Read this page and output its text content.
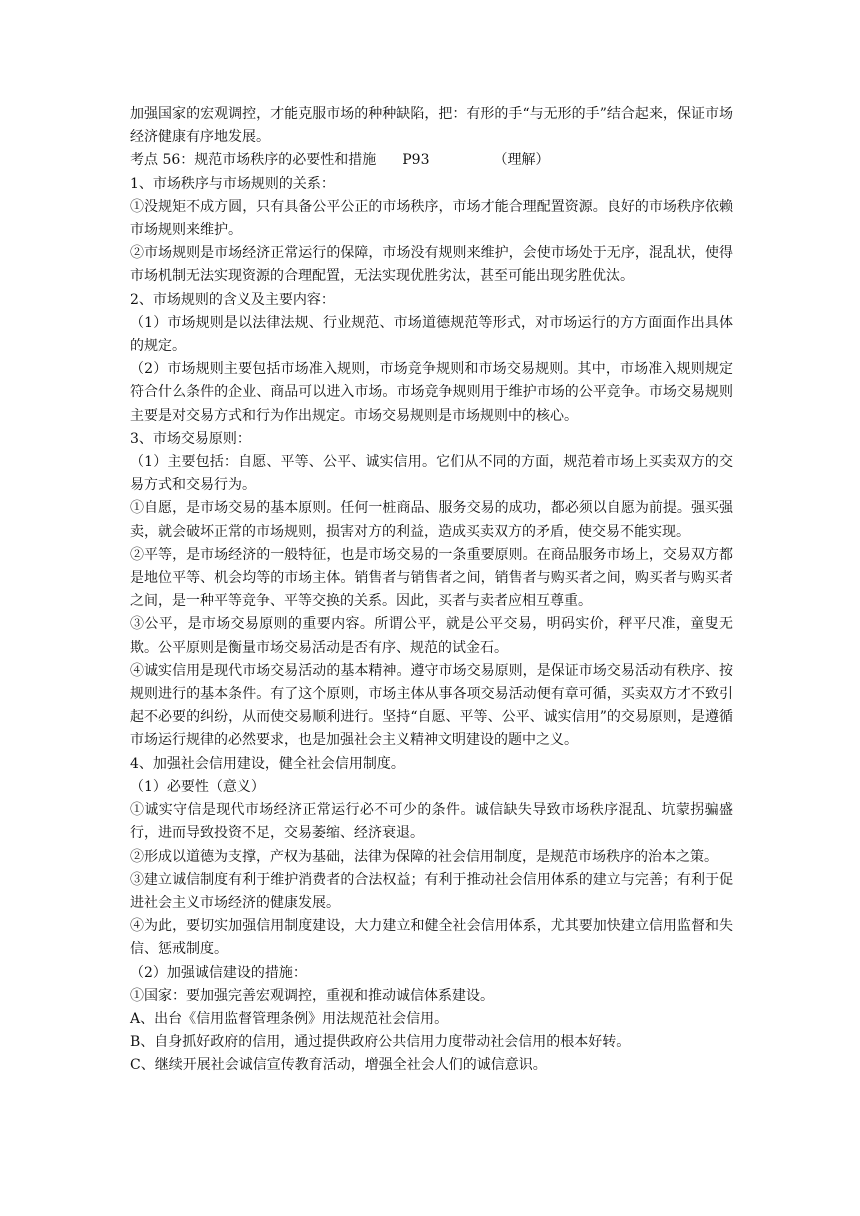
加强国家的宏观调控，才能克服市场的种种缺陷，把：有形的手“与无形的手”结合起来，保证市场经济健康有序地发展。

考点 56：规范市场秩序的必要性和措施 P93	（理解）

1、市场秩序与市场规则的关系：

①没规矩不成方圆，只有具备公平公正的市场秩序，市场才能合理配置资源。良好的市场秩序依赖市场规则来维护。

②市场规则是市场经济正常运行的保障，市场没有规则来维护，会使市场处于无序，混乱状，使得市场机制无法实现资源的合理配置，无法实现优胜劣汰，甚至可能出现劣胜优汰。

2、市场规则的含义及主要内容：

（1）市场规则是以法律法规、行业规范、市场道德规范等形式，对市场运行的方方面面作出具体的规定。

（2）市场规则主要包括市场准入规则，市场竞争规则和市场交易规则。其中，市场准入规则规定符合什么条件的企业、商品可以进入市场。市场竞争规则用于维护市场的公平竞争。市场交易规则主要是对交易方式和行为作出规定。市场交易规则是市场规则中的核心。

3、市场交易原则：

（1）主要包括：自愿、平等、公平、诚实信用。它们从不同的方面，规范着市场上买卖双方的交易方式和交易行为。

①自愿，是市场交易的基本原则。任何一桩商品、服务交易的成功，都必须以自愿为前提。强买强卖，就会破坏正常的市场规则，损害对方的利益，造成买卖双方的矛盾，使交易不能实现。

②平等，是市场经济的一般特征，也是市场交易的一条重要原则。在商品服务市场上，交易双方都是地位平等、机会均等的市场主体。销售者与销售者之间，销售者与购买者之间，购买者与购买者之间，是一种平等竞争、平等交换的关系。因此，买者与卖者应相互尊重。

③公平，是市场交易原则的重要内容。所谓公平，就是公平交易，明码实价，秤平尺准，童叟无欺。公平原则是衡量市场交易活动是否有序、规范的试金石。

④诚实信用是现代市场交易活动的基本精神。遵守市场交易原则，是保证市场交易活动有秩序、按规则进行的基本条件。有了这个原则，市场主体从事各项交易活动便有章可循，买卖双方才不致引起不必要的纠纷，从而使交易顺利进行。坚持“自愿、平等、公平、诚实信用”的交易原则，是遵循市场运行规律的必然要求，也是加强社会主义精神文明建设的题中之义。

4、加强社会信用建设，健全社会信用制度。

（1）必要性（意义）

①诚实守信是现代市场经济正常运行必不可少的条件。诚信缺失导致市场秩序混乱、坑蒙拐骗盛行，进而导致投资不足，交易萎缩、经济衰退。

②形成以道德为支撑，产权为基础，法律为保障的社会信用制度，是规范市场秩序的治本之策。

③建立诚信制度有利于维护消费者的合法权益；有利于推动社会信用体系的建立与完善；有利于促进社会主义市场经济的健康发展。

④为此，要切实加强信用制度建设，大力建立和健全社会信用体系，尤其要加快建立信用监督和失信、惩戒制度。

（2）加强诚信建设的措施：

①国家：要加强完善宏观调控，重视和推动诚信体系建设。

A、出台《信用监督管理条例》用法规范社会信用。

B、自身抓好政府的信用，通过提供政府公共信用力度带动社会信用的根本好转。

C、继续开展社会诚信宣传教育活动，增强全社会人们的诚信意识。
